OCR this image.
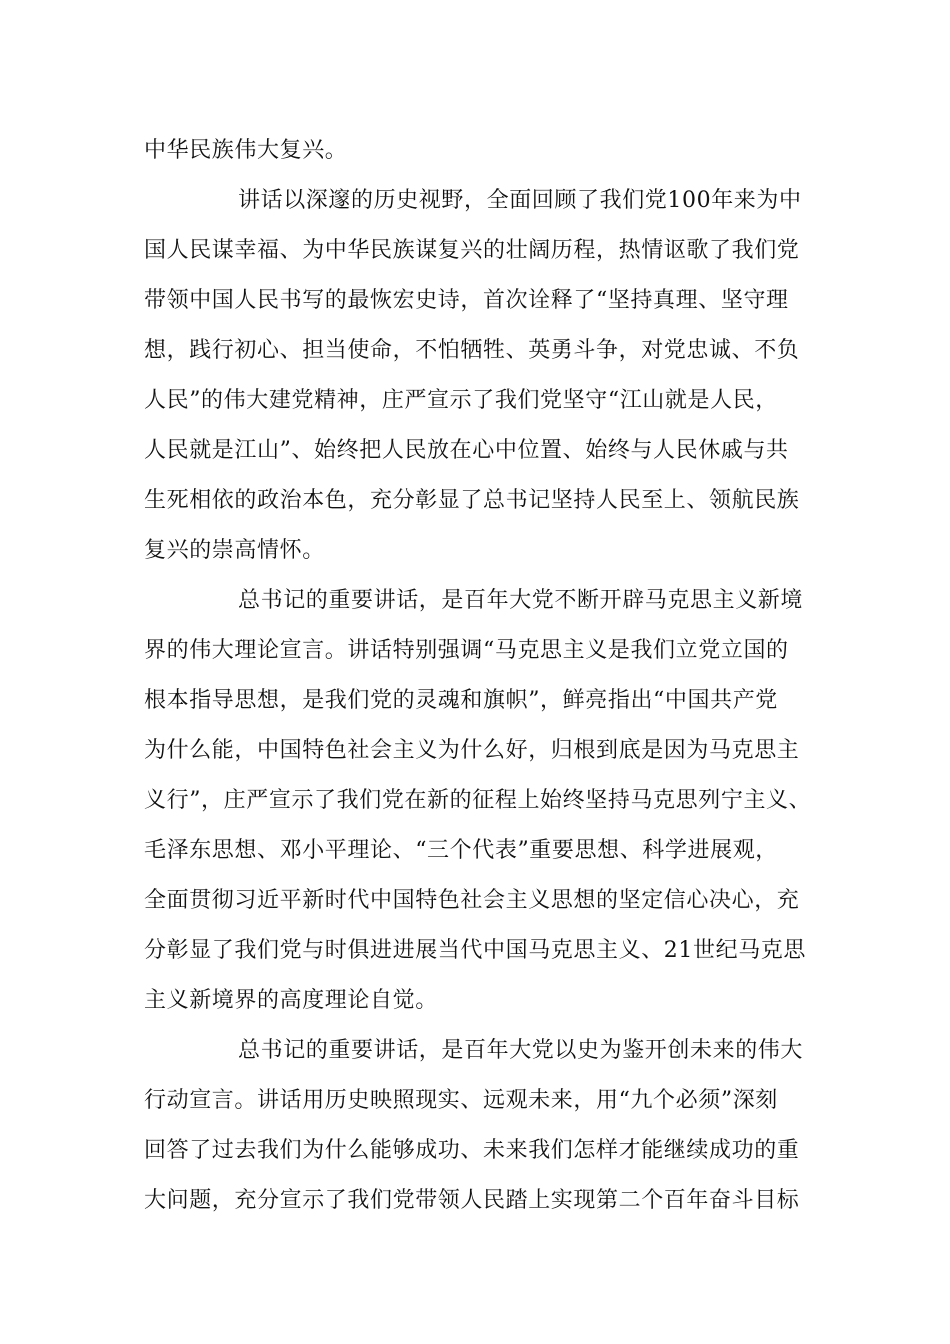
中华民族伟大复兴。
讲话以深邃的历史视野，全面回顾了我们党100年来为中
国人民谋幸福、为中华民族谋复兴的壮阔历程，热情讴歌了我们党
带领中国人民书写的最恢宏史诗，首次诠释了“坚持真理、坚守理
想，践行初心、担当使命，不怕牺牲、英勇斗争，对党忠诚、不负
人民”的伟大建党精神，庄严宣示了我们党坚守“江山就是人民，
人民就是江山”、始终把人民放在心中位置、始终与人民休戚与共
生死相依的政治本色，充分彰显了总书记坚持人民至上、领航民族
复兴的崇高情怀。
总书记的重要讲话，是百年大党不断开辟马克思主义新境
界的伟大理论宣言。讲话特别强调“马克思主义是我们立党立国的
根本指导思想，是我们党的灵魂和旗帜”，鲜亮指出“中国共产党
为什么能，中国特色社会主义为什么好，归根到底是因为马克思主
义行”，庄严宣示了我们党在新的征程上始终坚持马克思列宁主义、
毛泽东思想、邓小平理论、“三个代表”重要思想、科学进展观，
全面贯彻习近平新时代中国特色社会主义思想的坚定信心决心，充
分彰显了我们党与时俱进进展当代中国马克思主义、21世纪马克思
主义新境界的高度理论自觉。
总书记的重要讲话，是百年大党以史为鉴开创未来的伟大
行动宣言。讲话用历史映照现实、远观未来，用“九个必须”深刻
回答了过去我们为什么能够成功、未来我们怎样才能继续成功的重
大问题，充分宣示了我们党带领人民踏上实现第二个百年奋斗目标
